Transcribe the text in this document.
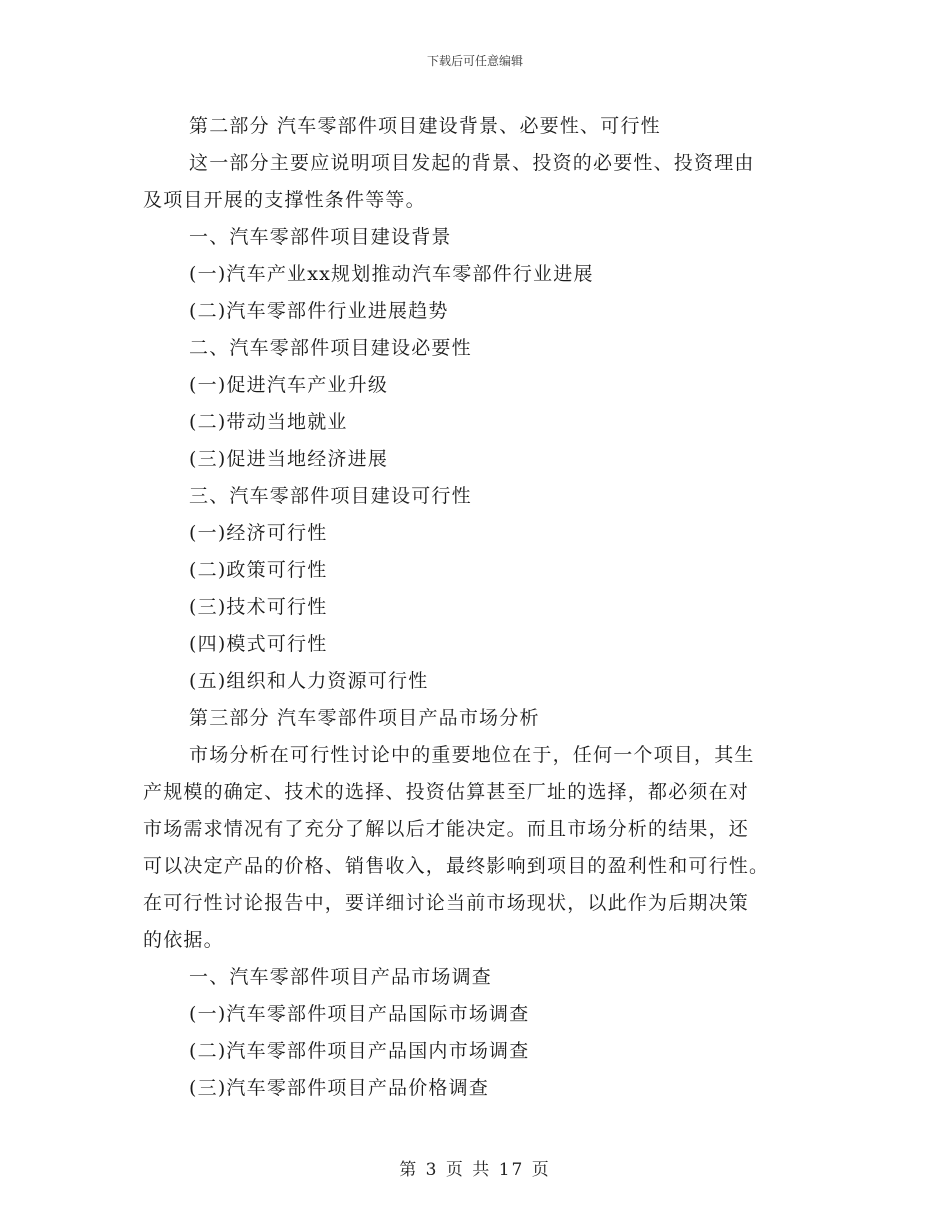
下载后可任意编辑
第二部分 汽车零部件项目建设背景、必要性、可行性
这一部分主要应说明项目发起的背景、投资的必要性、投资理由
及项目开展的支撑性条件等等。
一、汽车零部件项目建设背景
(一)汽车产业xx规划推动汽车零部件行业进展
(二)汽车零部件行业进展趋势
二、汽车零部件项目建设必要性
(一)促进汽车产业升级
(二)带动当地就业
(三)促进当地经济进展
三、汽车零部件项目建设可行性
(一)经济可行性
(二)政策可行性
(三)技术可行性
(四)模式可行性
(五)组织和人力资源可行性
第三部分 汽车零部件项目产品市场分析
市场分析在可行性讨论中的重要地位在于，任何一个项目，其生
产规模的确定、技术的选择、投资估算甚至厂址的选择，都必须在对
市场需求情况有了充分了解以后才能决定。而且市场分析的结果，还
可以决定产品的价格、销售收入，最终影响到项目的盈利性和可行性。
在可行性讨论报告中，要详细讨论当前市场现状，以此作为后期决策
的依据。
一、汽车零部件项目产品市场调查
(一)汽车零部件项目产品国际市场调查
(二)汽车零部件项目产品国内市场调查
(三)汽车零部件项目产品价格调查
第 3 页 共 17 页
